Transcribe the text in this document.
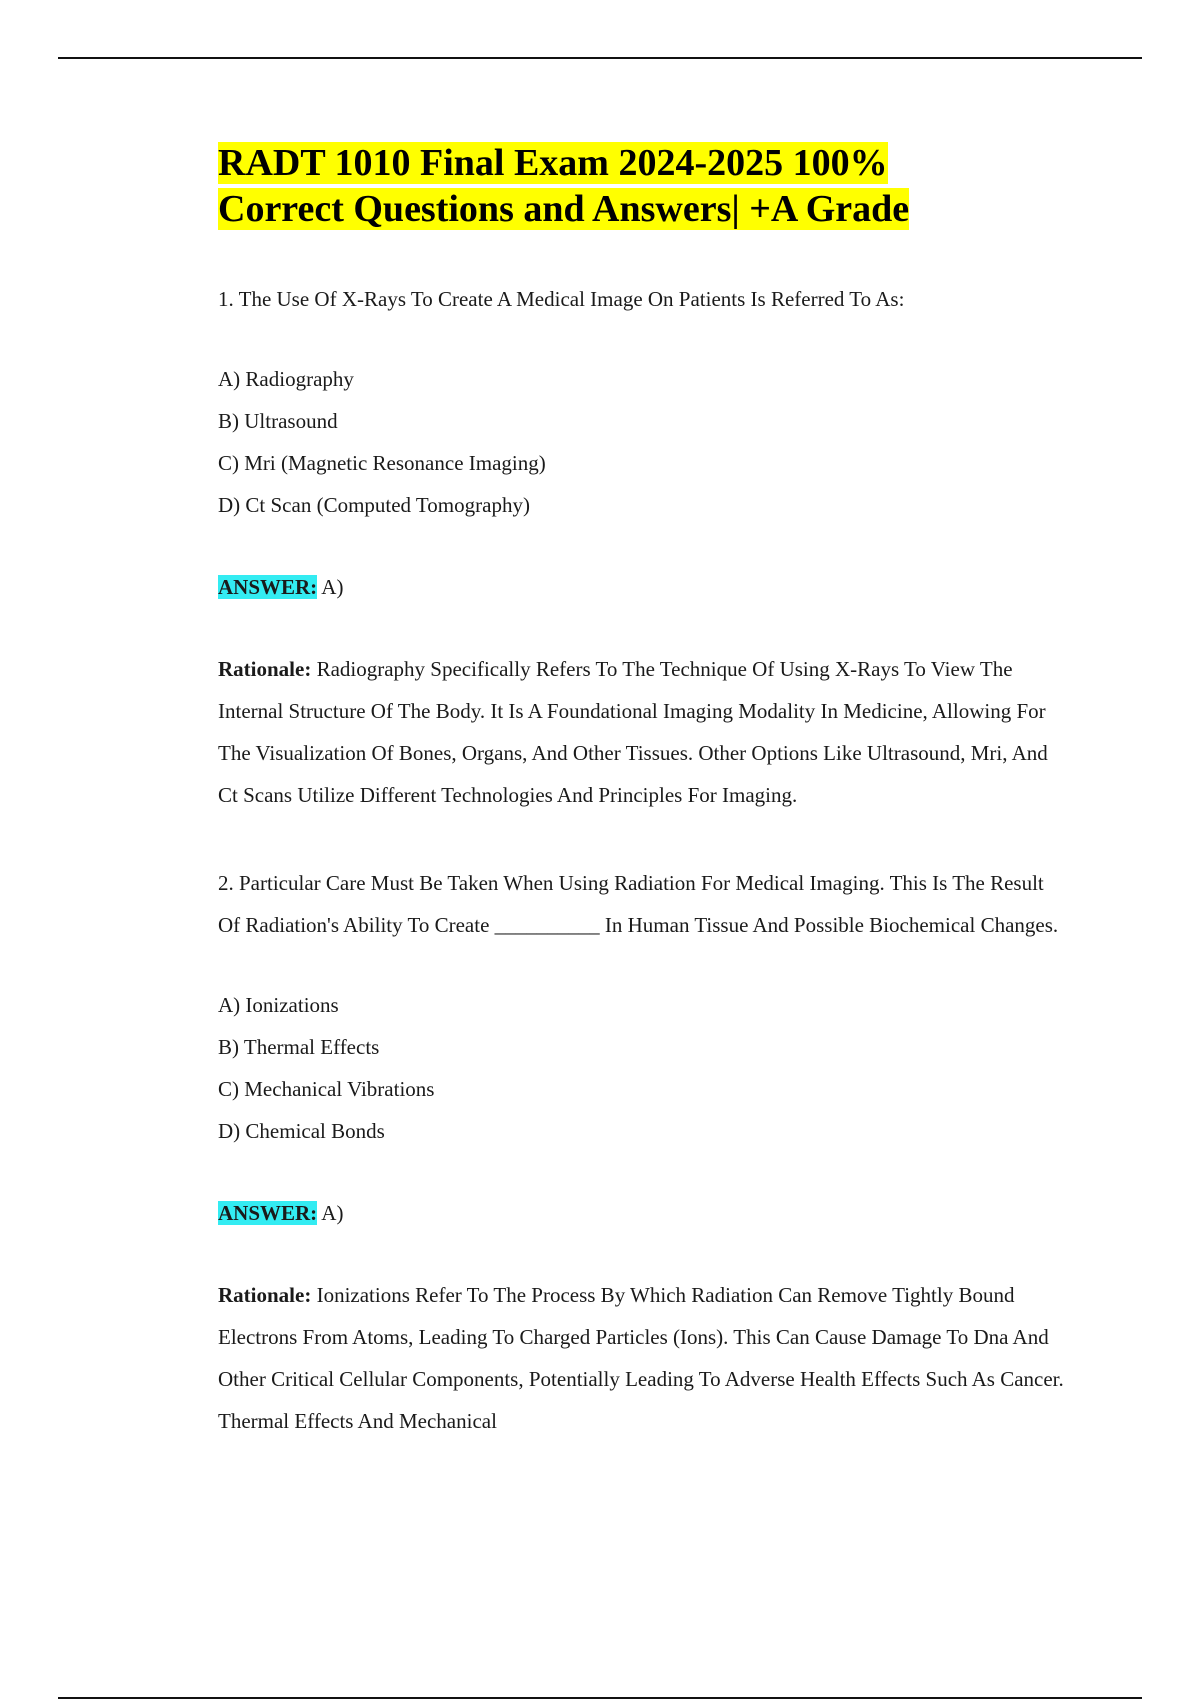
RADT 1010 Final Exam 2024-2025 100%
Correct Questions and Answers| +A Grade

1. The Use Of X-Rays To Create A Medical Image On Patients Is Referred To As:

A) Radiography
B) Ultrasound
C) Mri (Magnetic Resonance Imaging)
D) Ct Scan (Computed Tomography)

ANSWER: A)

Rationale: Radiography Specifically Refers To The Technique Of Using X-Rays To View The Internal Structure Of The Body. It Is A Foundational Imaging Modality In Medicine, Allowing For The Visualization Of Bones, Organs, And Other Tissues. Other Options Like Ultrasound, Mri, And Ct Scans Utilize Different Technologies And Principles For Imaging.

2. Particular Care Must Be Taken When Using Radiation For Medical Imaging. This Is The Result Of Radiation's Ability To Create __________ In Human Tissue And Possible Biochemical Changes.

A) Ionizations
B) Thermal Effects
C) Mechanical Vibrations
D) Chemical Bonds

ANSWER: A)

Rationale: Ionizations Refer To The Process By Which Radiation Can Remove Tightly Bound Electrons From Atoms, Leading To Charged Particles (Ions). This Can Cause Damage To Dna And Other Critical Cellular Components, Potentially Leading To Adverse Health Effects Such As Cancer. Thermal Effects And Mechanical
